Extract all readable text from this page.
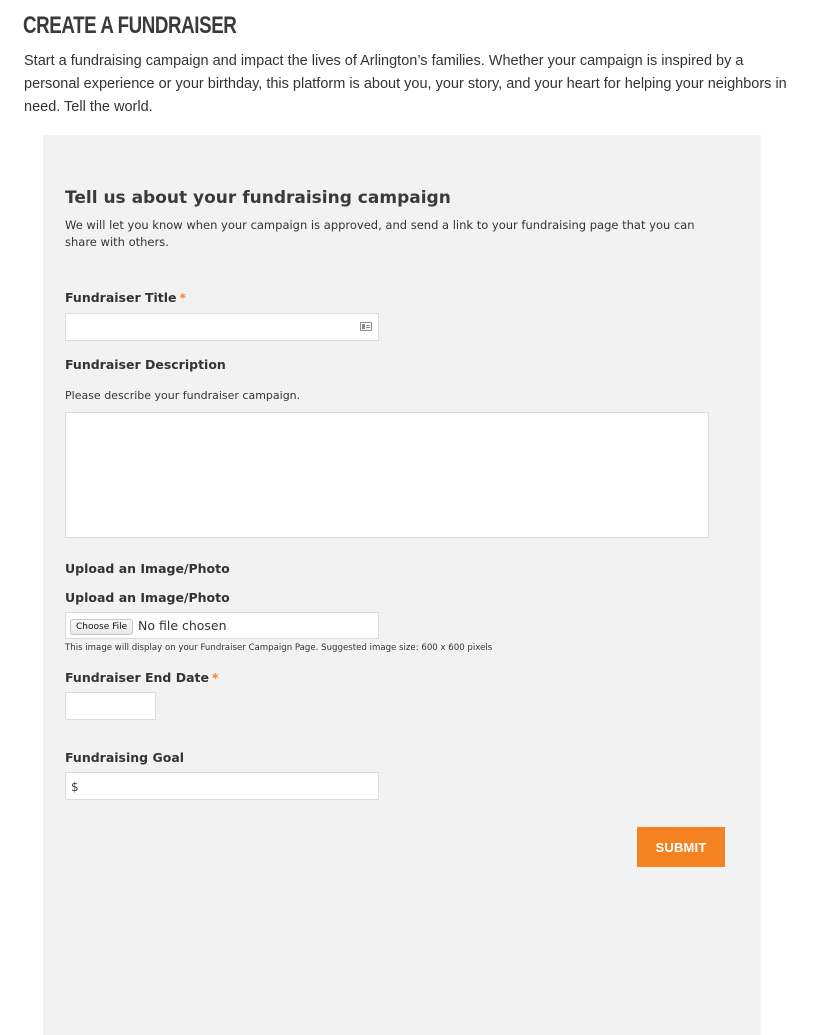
CREATE A FUNDRAISER

Start a fundraising campaign and impact the lives of Arlington’s families. Whether your campaign is inspired by a personal experience or your birthday, this platform is about you, your story, and your heart for helping your neighbors in need. Tell the world.

Tell us about your fundraising campaign

We will let you know when your campaign is approved, and send a link to your fundraising page that you can share with others.

Fundraiser Title *
Fundraiser Description

Please describe your fundraiser campaign.

Upload an Image/Photo
Upload an Image/Photo
Choose File No file chosen

This image will display on your Fundraiser Campaign Page. Suggested image size: 600 x 600 pixels

Fundraiser End Date *
Fundraising Goal
$
SUBMIT
